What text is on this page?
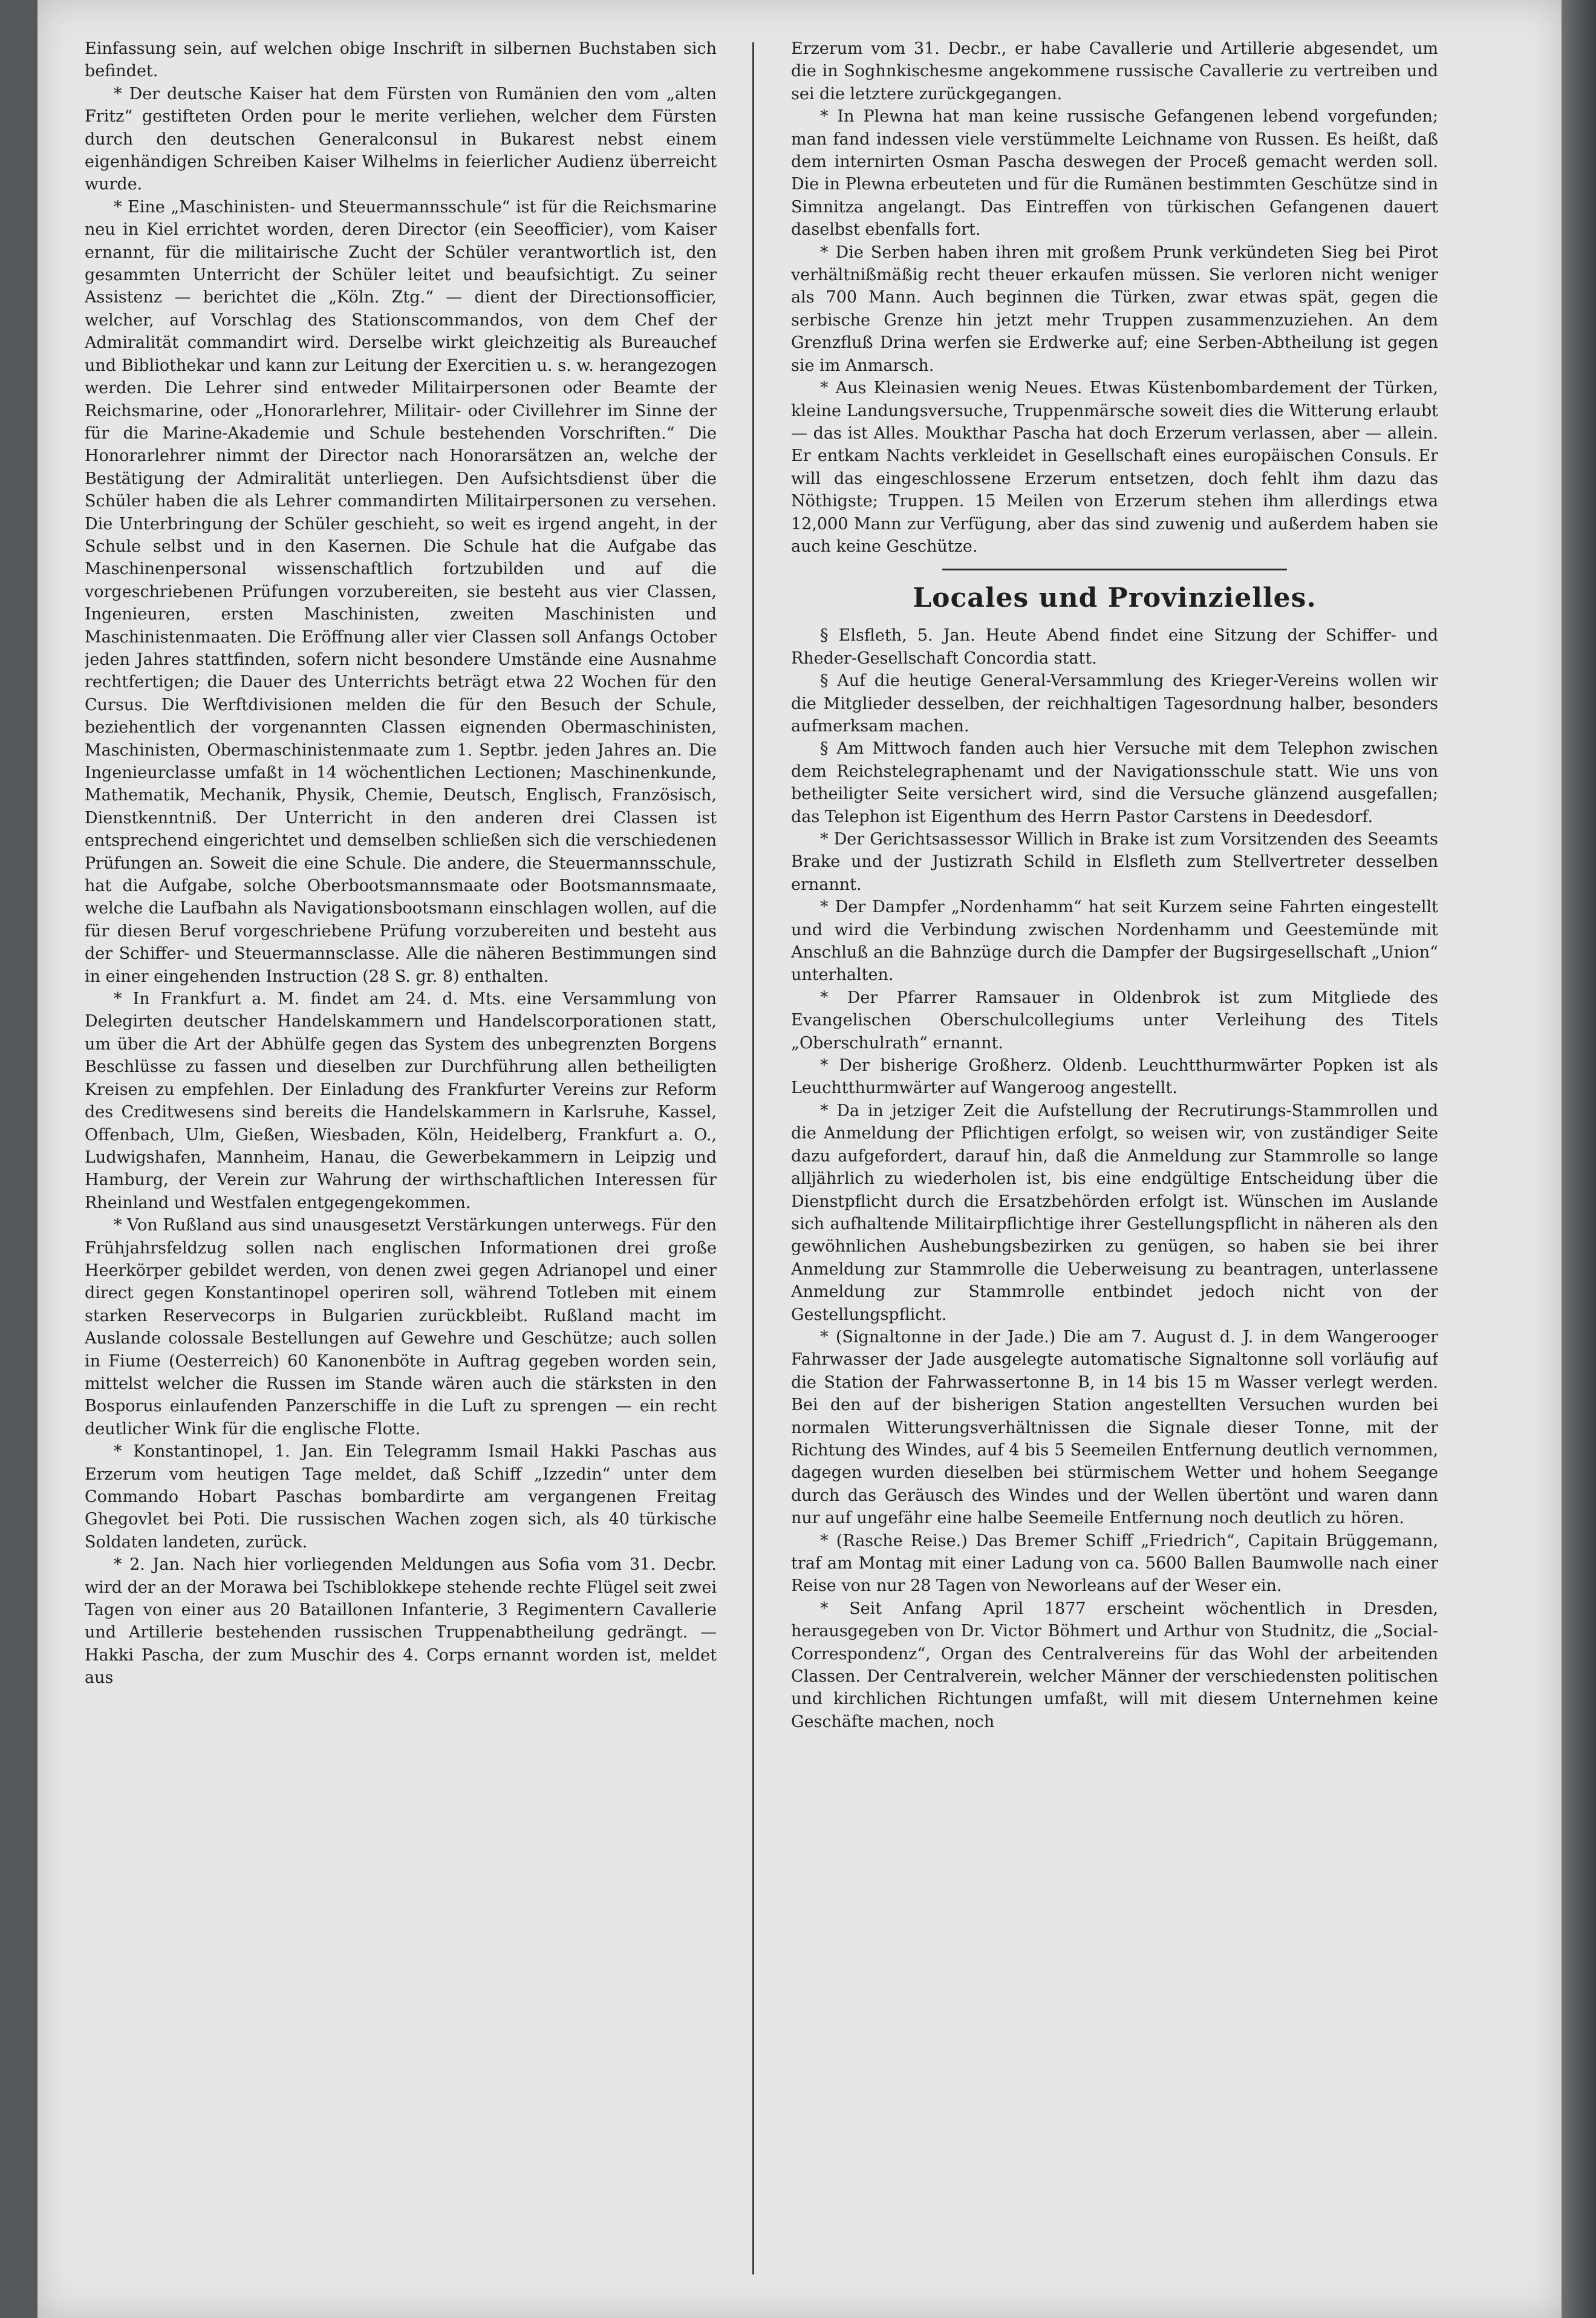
Einfassung sein, auf welchen obige Inschrift in silbernen Buchstaben sich befindet.

* Der deutsche Kaiser hat dem Fürsten von Rumänien den vom „alten Fritz“ gestifteten Orden pour le merite verliehen, welcher dem Fürsten durch den deutschen Generalconsul in Bukarest nebst einem eigenhändigen Schreiben Kaiser Wilhelms in feierlicher Audienz überreicht wurde.

* Eine „Maschinisten- und Steuermannsschule“ ist für die Reichsmarine neu in Kiel errichtet worden, deren Director (ein Seeofficier), vom Kaiser ernannt, für die militairische Zucht der Schüler verantwortlich ist, den gesammten Unterricht der Schüler leitet und beaufsichtigt. Zu seiner Assistenz — berichtet die „Köln. Ztg.“ — dient der Directionsofficier, welcher, auf Vorschlag des Stationscommandos, von dem Chef der Admiralität commandirt wird. Derselbe wirkt gleichzeitig als Bureauchef und Bibliothekar und kann zur Leitung der Exercitien u. s. w. herangezogen werden. Die Lehrer sind entweder Militairpersonen oder Beamte der Reichsmarine, oder „Honorarlehrer, Militair- oder Civillehrer im Sinne der für die Marine-Akademie und Schule bestehenden Vorschriften.“ Die Honorarlehrer nimmt der Director nach Honorarsätzen an, welche der Bestätigung der Admiralität unterliegen. Den Aufsichtsdienst über die Schüler haben die als Lehrer commandirten Militairpersonen zu versehen. Die Unterbringung der Schüler geschieht, so weit es irgend angeht, in der Schule selbst und in den Kasernen. Die Schule hat die Aufgabe das Maschinenpersonal wissenschaftlich fortzubilden und auf die vorgeschriebenen Prüfungen vorzubereiten, sie besteht aus vier Classen, Ingenieuren, ersten Maschinisten, zweiten Maschinisten und Maschinistenmaaten. Die Eröffnung aller vier Classen soll Anfangs October jeden Jahres stattfinden, sofern nicht besondere Umstände eine Ausnahme rechtfertigen; die Dauer des Unterrichts beträgt etwa 22 Wochen für den Cursus. Die Werftdivisionen melden die für den Besuch der Schule, beziehentlich der vorgenannten Classen eignenden Obermaschinisten, Maschinisten, Obermaschinistenmaate zum 1. Septbr. jeden Jahres an. Die Ingenieurclasse umfaßt in 14 wöchentlichen Lectionen; Maschinenkunde, Mathematik, Mechanik, Physik, Chemie, Deutsch, Englisch, Französisch, Dienstkenntniß. Der Unterricht in den anderen drei Classen ist entsprechend eingerichtet und demselben schließen sich die verschiedenen Prüfungen an. Soweit die eine Schule. Die andere, die Steuermannsschule, hat die Aufgabe, solche Oberbootsmannsmaate oder Bootsmannsmaate, welche die Laufbahn als Navigationsbootsmann einschlagen wollen, auf die für diesen Beruf vorgeschriebene Prüfung vorzubereiten und besteht aus der Schiffer- und Steuermannsclasse. Alle die näheren Bestimmungen sind in einer eingehenden Instruction (28 S. gr. 8) enthalten.

* In Frankfurt a. M. findet am 24. d. Mts. eine Versammlung von Delegirten deutscher Handelskammern und Handelscorporationen statt, um über die Art der Abhülfe gegen das System des unbegrenzten Borgens Beschlüsse zu fassen und dieselben zur Durchführung allen betheiligten Kreisen zu empfehlen. Der Einladung des Frankfurter Vereins zur Reform des Creditwesens sind bereits die Handelskammern in Karlsruhe, Kassel, Offenbach, Ulm, Gießen, Wiesbaden, Köln, Heidelberg, Frankfurt a. O., Ludwigshafen, Mannheim, Hanau, die Gewerbekammern in Leipzig und Hamburg, der Verein zur Wahrung der wirthschaftlichen Interessen für Rheinland und Westfalen entgegengekommen.

* Von Rußland aus sind unausgesetzt Verstärkungen unterwegs. Für den Frühjahrsfeldzug sollen nach englischen Informationen drei große Heerkörper gebildet werden, von denen zwei gegen Adrianopel und einer direct gegen Konstantinopel operiren soll, während Totleben mit einem starken Reservecorps in Bulgarien zurückbleibt. Rußland macht im Auslande colossale Bestellungen auf Gewehre und Geschütze; auch sollen in Fiume (Oesterreich) 60 Kanonenböte in Auftrag gegeben worden sein, mittelst welcher die Russen im Stande wären auch die stärksten in den Bosporus einlaufenden Panzerschiffe in die Luft zu sprengen — ein recht deutlicher Wink für die englische Flotte.

* Konstantinopel, 1. Jan. Ein Telegramm Ismail Hakki Paschas aus Erzerum vom heutigen Tage meldet, daß Schiff „Izzedin“ unter dem Commando Hobart Paschas bombardirte am vergangenen Freitag Ghegovlet bei Poti. Die russischen Wachen zogen sich, als 40 türkische Soldaten landeten, zurück.

* 2. Jan. Nach hier vorliegenden Meldungen aus Sofia vom 31. Decbr. wird der an der Morawa bei Tschiblokkepe stehende rechte Flügel seit zwei Tagen von einer aus 20 Bataillonen Infanterie, 3 Regimentern Cavallerie und Artillerie bestehenden russischen Truppenabtheilung gedrängt. — Hakki Pascha, der zum Muschir des 4. Corps ernannt worden ist, meldet aus

Erzerum vom 31. Decbr., er habe Cavallerie und Artillerie abgesendet, um die in Soghnkischesme angekommene russische Cavallerie zu vertreiben und sei die letztere zurückgegangen.

* In Plewna hat man keine russische Gefangenen lebend vorgefunden; man fand indessen viele verstümmelte Leichname von Russen. Es heißt, daß dem internirten Osman Pascha deswegen der Proceß gemacht werden soll. Die in Plewna erbeuteten und für die Rumänen bestimmten Geschütze sind in Simnitza angelangt. Das Eintreffen von türkischen Gefangenen dauert daselbst ebenfalls fort.

* Die Serben haben ihren mit großem Prunk verkündeten Sieg bei Pirot verhältnißmäßig recht theuer erkaufen müssen. Sie verloren nicht weniger als 700 Mann. Auch beginnen die Türken, zwar etwas spät, gegen die serbische Grenze hin jetzt mehr Truppen zusammenzuziehen. An dem Grenzfluß Drina werfen sie Erdwerke auf; eine Serben-Abtheilung ist gegen sie im Anmarsch.

* Aus Kleinasien wenig Neues. Etwas Küstenbombardement der Türken, kleine Landungsversuche, Truppenmärsche soweit dies die Witterung erlaubt — das ist Alles. Moukthar Pascha hat doch Erzerum verlassen, aber — allein. Er entkam Nachts verkleidet in Gesellschaft eines europäischen Consuls. Er will das eingeschlossene Erzerum entsetzen, doch fehlt ihm dazu das Nöthigste; Truppen. 15 Meilen von Erzerum stehen ihm allerdings etwa 12,000 Mann zur Verfügung, aber das sind zuwenig und außerdem haben sie auch keine Geschütze.

Locales und Provinzielles.

§ Elsfleth, 5. Jan. Heute Abend findet eine Sitzung der Schiffer- und Rheder-Gesellschaft Concordia statt.

§ Auf die heutige General-Versammlung des Krieger-Vereins wollen wir die Mitglieder desselben, der reichhaltigen Tagesordnung halber, besonders aufmerksam machen.

§ Am Mittwoch fanden auch hier Versuche mit dem Telephon zwischen dem Reichstelegraphenamt und der Navigationsschule statt. Wie uns von betheiligter Seite versichert wird, sind die Versuche glänzend ausgefallen; das Telephon ist Eigenthum des Herrn Pastor Carstens in Deedesdorf.

* Der Gerichtsassessor Willich in Brake ist zum Vorsitzenden des Seeamts Brake und der Justizrath Schild in Elsfleth zum Stellvertreter desselben ernannt.

* Der Dampfer „Nordenhamm“ hat seit Kurzem seine Fahrten eingestellt und wird die Verbindung zwischen Nordenhamm und Geestemünde mit Anschluß an die Bahnzüge durch die Dampfer der Bugsirgesellschaft „Union“ unterhalten.

* Der Pfarrer Ramsauer in Oldenbrok ist zum Mitgliede des Evangelischen Oberschulcollegiums unter Verleihung des Titels „Oberschulrath“ ernannt.

* Der bisherige Großherz. Oldenb. Leuchtthurmwärter Popken ist als Leuchtthurmwärter auf Wangeroog angestellt.

* Da in jetziger Zeit die Aufstellung der Recrutirungs-Stammrollen und die Anmeldung der Pflichtigen erfolgt, so weisen wir, von zuständiger Seite dazu aufgefordert, darauf hin, daß die Anmeldung zur Stammrolle so lange alljährlich zu wiederholen ist, bis eine endgültige Entscheidung über die Dienstpflicht durch die Ersatzbehörden erfolgt ist. Wünschen im Auslande sich aufhaltende Militairpflichtige ihrer Gestellungspflicht in näheren als den gewöhnlichen Aushebungsbezirken zu genügen, so haben sie bei ihrer Anmeldung zur Stammrolle die Ueberweisung zu beantragen, unterlassene Anmeldung zur Stammrolle entbindet jedoch nicht von der Gestellungspflicht.

* (Signaltonne in der Jade.) Die am 7. August d. J. in dem Wangerooger Fahrwasser der Jade ausgelegte automatische Signaltonne soll vorläufig auf die Station der Fahrwassertonne B, in 14 bis 15 m Wasser verlegt werden. Bei den auf der bisherigen Station angestellten Versuchen wurden bei normalen Witterungsverhältnissen die Signale dieser Tonne, mit der Richtung des Windes, auf 4 bis 5 Seemeilen Entfernung deutlich vernommen, dagegen wurden dieselben bei stürmischem Wetter und hohem Seegange durch das Geräusch des Windes und der Wellen übertönt und waren dann nur auf ungefähr eine halbe Seemeile Entfernung noch deutlich zu hören.

* (Rasche Reise.) Das Bremer Schiff „Friedrich“, Capitain Brüggemann, traf am Montag mit einer Ladung von ca. 5600 Ballen Baumwolle nach einer Reise von nur 28 Tagen von Neworleans auf der Weser ein.

* Seit Anfang April 1877 erscheint wöchentlich in Dresden, herausgegeben von Dr. Victor Böhmert und Arthur von Studnitz, die „Social-Correspondenz“, Organ des Centralvereins für das Wohl der arbeitenden Classen. Der Centralverein, welcher Männer der verschiedensten politischen und kirchlichen Richtungen umfaßt, will mit diesem Unternehmen keine Geschäfte machen, noch
